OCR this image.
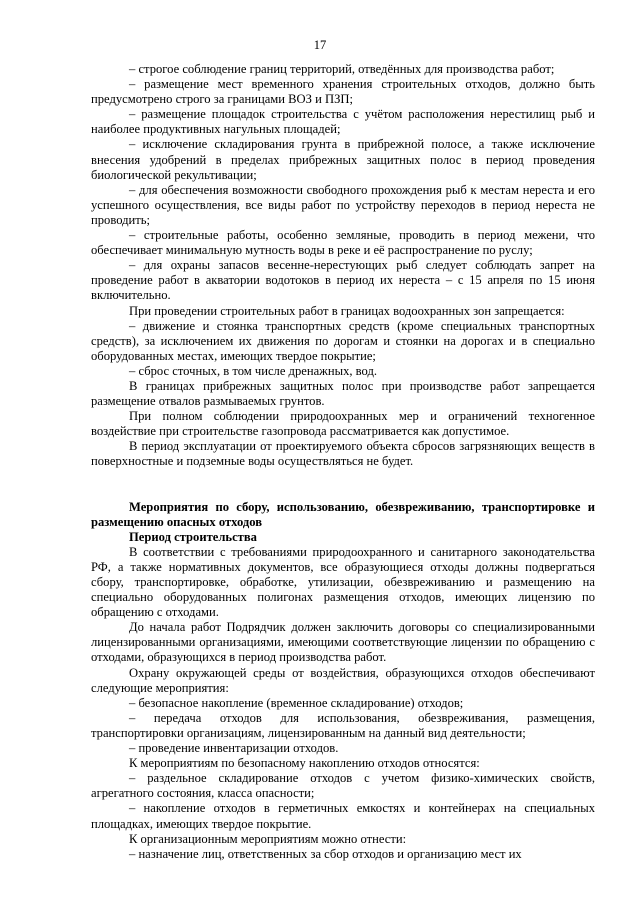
17

– строгое соблюдение границ территорий, отведённых для производства работ;

– размещение мест временного хранения строительных отходов, должно быть предусмотрено строго за границами ВОЗ и ПЗП;

– размещение площадок строительства с учётом расположения нерестилищ рыб и наиболее продуктивных нагульных площадей;

– исключение складирования грунта в прибрежной полосе, а также исключение внесения удобрений в пределах прибрежных защитных полос в период проведения биологической рекультивации;

– для обеспечения возможности свободного прохождения рыб к местам нереста и его успешного осуществления, все виды работ по устройству переходов в период нереста не проводить;

– строительные работы, особенно земляные, проводить в период межени, что обеспечивает минимальную мутность воды в реке и её распространение по руслу;

– для охраны запасов весенне-нерестующих рыб следует соблюдать запрет на проведение работ в акватории водотоков в период их нереста – с 15 апреля по 15 июня включительно.

При проведении строительных работ в границах водоохранных зон запрещается:

– движение и стоянка транспортных средств (кроме специальных транспортных средств), за исключением их движения по дорогам и стоянки на дорогах и в специально оборудованных местах, имеющих твердое покрытие;

– сброс сточных, в том числе дренажных, вод.

В границах прибрежных защитных полос при производстве работ запрещается размещение отвалов размываемых грунтов.

При полном соблюдении природоохранных мер и ограничений техногенное воздействие при строительстве газопровода рассматривается как допустимое.

В период эксплуатации от проектируемого объекта сбросов загрязняющих веществ в поверхностные и подземные воды осуществляться не будет.

Мероприятия по сбору, использованию, обезвреживанию, транспортировке и размещению опасных отходов

Период строительства

В соответствии с требованиями природоохранного и санитарного законодательства РФ, а также нормативных документов, все образующиеся отходы должны подвергаться сбору, транспортировке, обработке, утилизации, обезвреживанию и размещению на специально оборудованных полигонах размещения отходов, имеющих лицензию по обращению с отходами.

До начала работ Подрядчик должен заключить договоры со специализированными лицензированными организациями, имеющими соответствующие лицензии по обращению с отходами, образующихся в период производства работ.

Охрану окружающей среды от воздействия, образующихся отходов обеспечивают следующие мероприятия:

– безопасное накопление (временное складирование) отходов;

– передача отходов для использования, обезвреживания, размещения, транспортировки организациям, лицензированным на данный вид деятельности;

– проведение инвентаризации отходов.

К мероприятиям по безопасному накоплению отходов относятся:

– раздельное складирование отходов с учетом физико-химических свойств, агрегатного состояния, класса опасности;

– накопление отходов в герметичных емкостях и контейнерах на специальных площадках, имеющих твердое покрытие.

К организационным мероприятиям можно отнести:

– назначение лиц, ответственных за сбор отходов и организацию мест их
